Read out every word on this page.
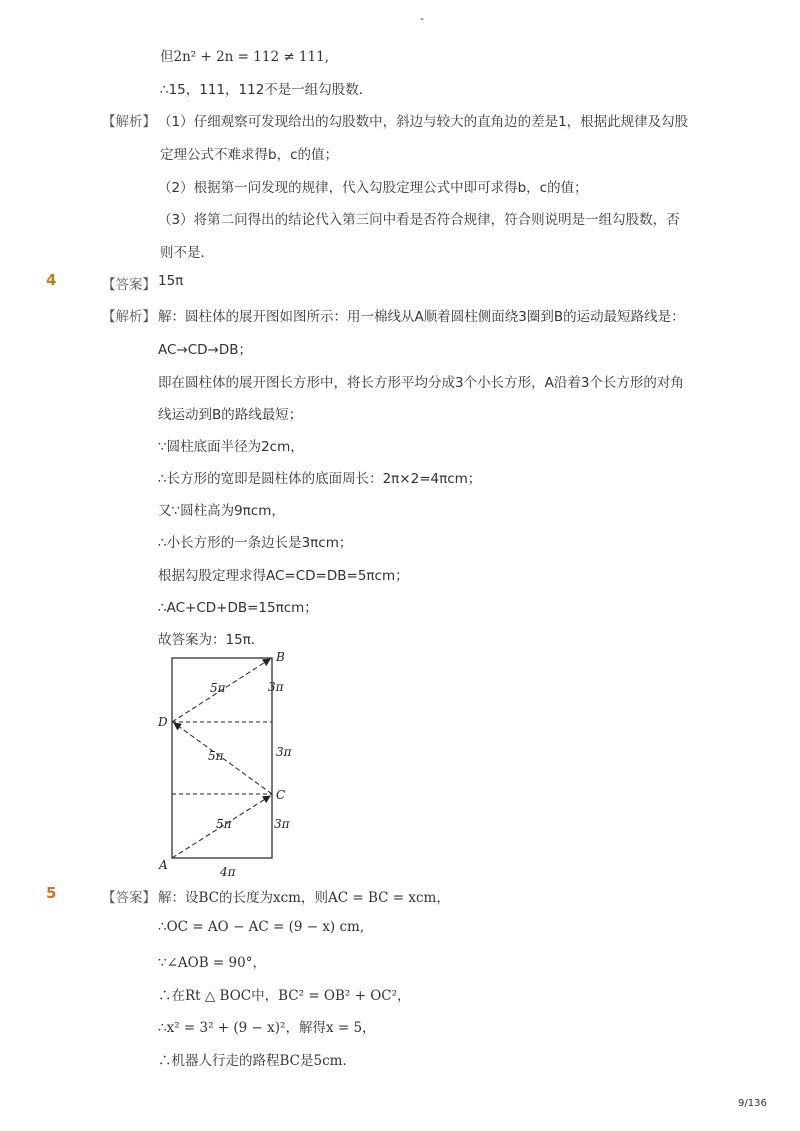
-
但2n² + 2n = 112 ≠ 111,
∴15，111，112不是一组勾股数．
【解析】 （1）仔细观察可发现给出的勾股数中，斜边与较大的直角边的差是1，根据此规律及勾股
定理公式不难求得b，c的值；
（2）根据第一问发现的规律，代入勾股定理公式中即可求得b，c的值；
（3）将第二问得出的结论代入第三问中看是否符合规律，符合则说明是一组勾股数，否
则不是．
4	【答案】 15π
【解析】 解：圆柱体的展开图如图所示：用一棉线从A顺着圆柱侧面绕3圈到B的运动最短路线是：
AC→CD→DB；
即在圆柱体的展开图长方形中，将长方形平均分成3个小长方形，A沿着3个长方形的对角
线运动到B的路线最短；
∵圆柱底面半径为2cm，
∴长方形的宽即是圆柱体的底面周长：2π×2=4πcm；
又∵圆柱高为9πcm，
∴小长方形的一条边长是3πcm；
根据勾股定理求得AC=CD=DB=5πcm；
∴AC+CD+DB=15πcm；
故答案为：15π．
B
D
C
A
5π
5π
5π
3π
3π
3π
4π
5	【答案】 解：设BC的长度为xcm，则AC = BC = xcm，
∴OC = AO − AC = (9 − x) cm,
∵∠AOB = 90°，
∴在Rt △ BOC中，BC² = OB² + OC²，
∴x² = 3² + (9 − x)²，解得x = 5，
∴机器人行走的路程BC是5cm．
9/136
